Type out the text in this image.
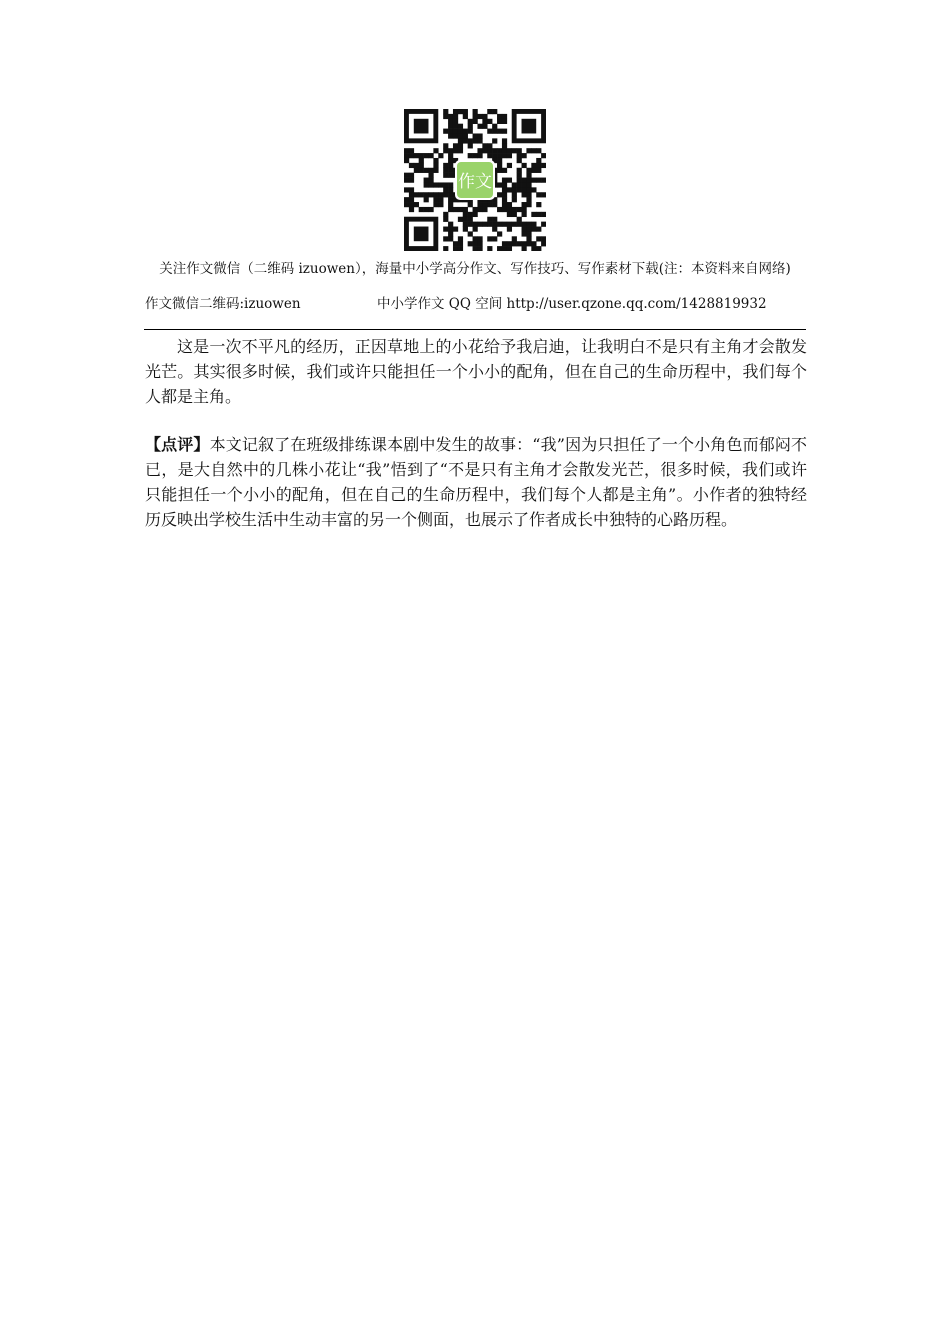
作文
关注作文微信（二维码 izuowen），海量中小学高分作文、写作技巧、写作素材下载(注：本资料来自网络)
作文微信二维码:izuowen	中小学作文 QQ 空间 http://user.qzone.qq.com/1428819932

这是一次不平凡的经历，正因草地上的小花给予我启迪，让我明白不是只有主角才会散发光芒。其实很多时候，我们或许只能担任一个小小的配角，但在自己的生命历程中，我们每个人都是主角。

【点评】本文记叙了在班级排练课本剧中发生的故事：“我”因为只担任了一个小角色而郁闷不已，是大自然中的几株小花让“我”悟到了“不是只有主角才会散发光芒，很多时候，我们或许只能担任一个小小的配角，但在自己的生命历程中，我们每个人都是主角”。小作者的独特经历反映出学校生活中生动丰富的另一个侧面，也展示了作者成长中独特的心路历程。
